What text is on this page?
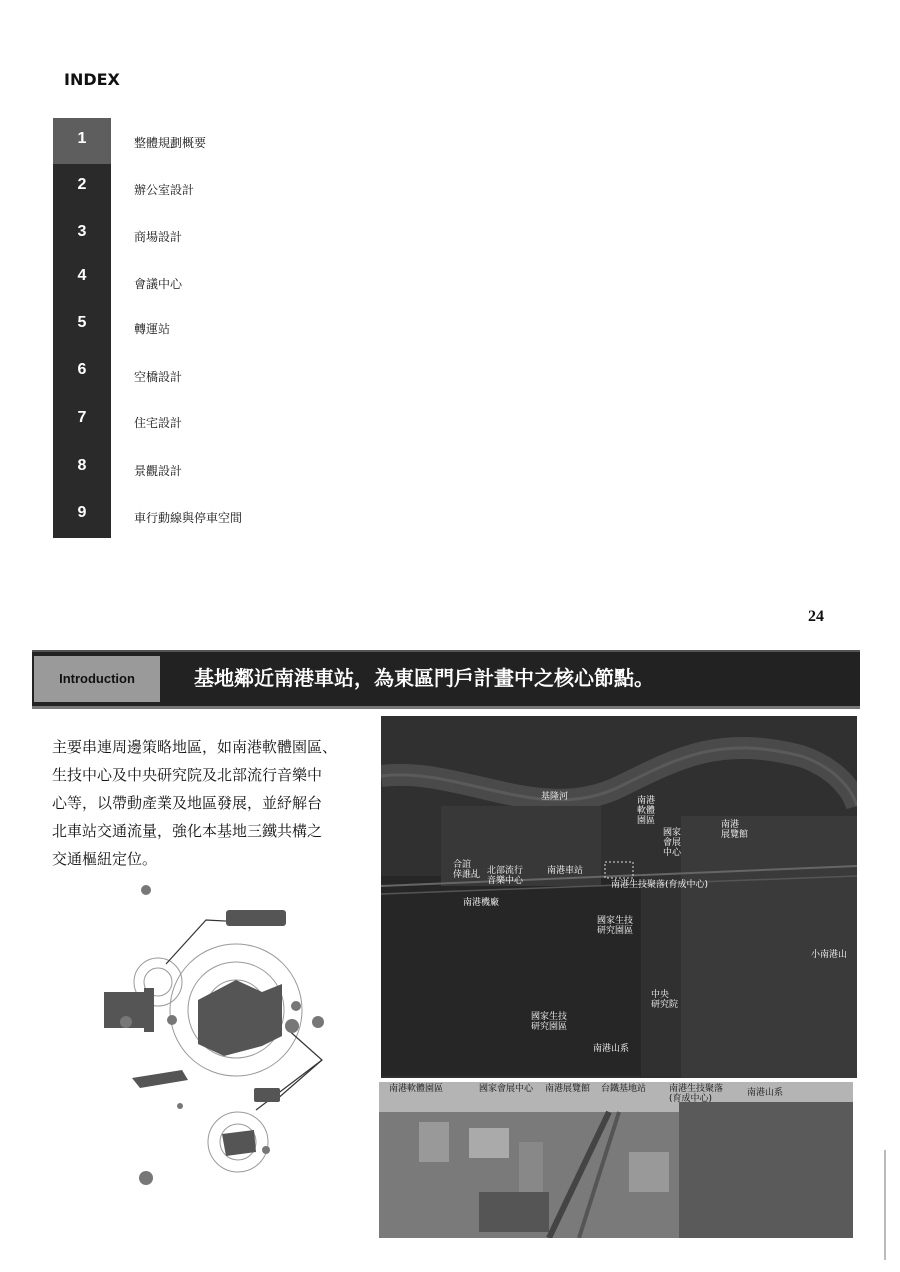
INDEX
1	整體規劃概要
2	辦公室設計
3	商場設計
4	會議中心
5	轉運站
6	空橋設計
7	住宅設計
8	景觀設計
9	車行動線與停車空間
24
Introduction	基地鄰近南港車站，為東區門戶計畫中之核心節點。
主要串連周邊策略地區，如南港軟體園區、
生技中心及中央研究院及北部流行音樂中
心等，以帶動產業及地區發展，並紓解台
北車站交通流量，強化本基地三鐵共構之
交通樞紐定位。
基隆河	南港
軟體
園區
國家
會展
中心
南港
展覽館
合誼
倖誰乩 北部流行
音樂中心
南港車站
南港生技聚落(育成中心)
南港機廠
國家生技
研究園區
小南港山
中央
研究院
國家生技
研究園區
南港山系
南港軟體園區	國家會展中心 南港展覽館 台鐵基地站	南港生技聚落
(育成中心)
南港山系
